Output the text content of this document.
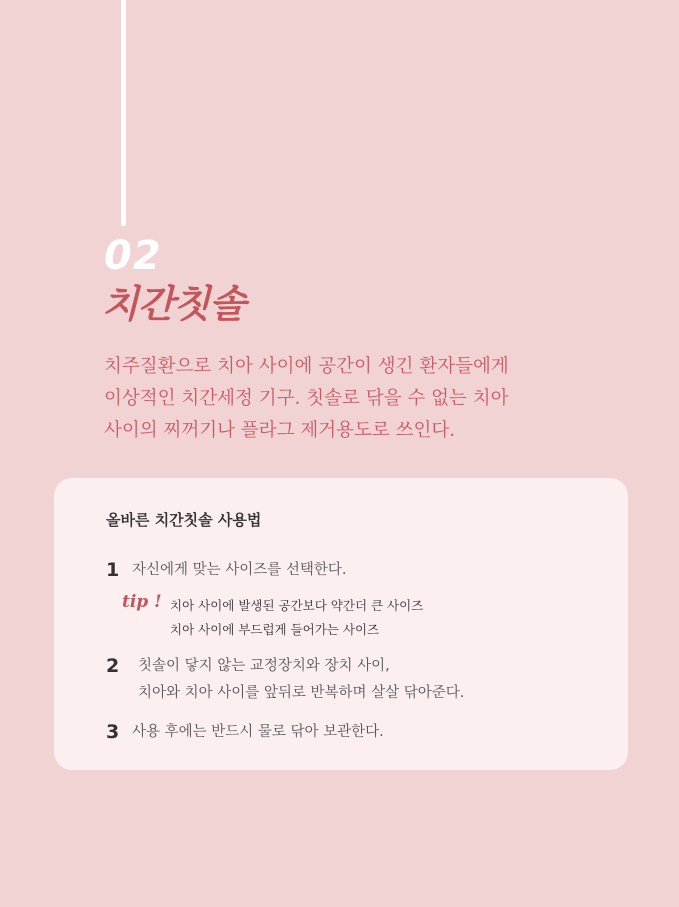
02
치간칫솔

치주질환으로 치아 사이에 공간이 생긴 환자들에게
이상적인 치간세정 기구. 칫솔로 닦을 수 없는 치아
사이의 찌꺼기나 플라그 제거용도로 쓰인다.

올바른 치간칫솔 사용법
1 자신에게 맞는 사이즈를 선택한다.
tip ! 치아 사이에 발생된 공간보다 약간더 큰 사이즈
치아 사이에 부드럽게 들어가는 사이즈
2 칫솔이 닿지 않는 교정장치와 장치 사이,
치아와 치아 사이를 앞뒤로 반복하며 살살 닦아준다.
3 사용 후에는 반드시 물로 닦아 보관한다.
